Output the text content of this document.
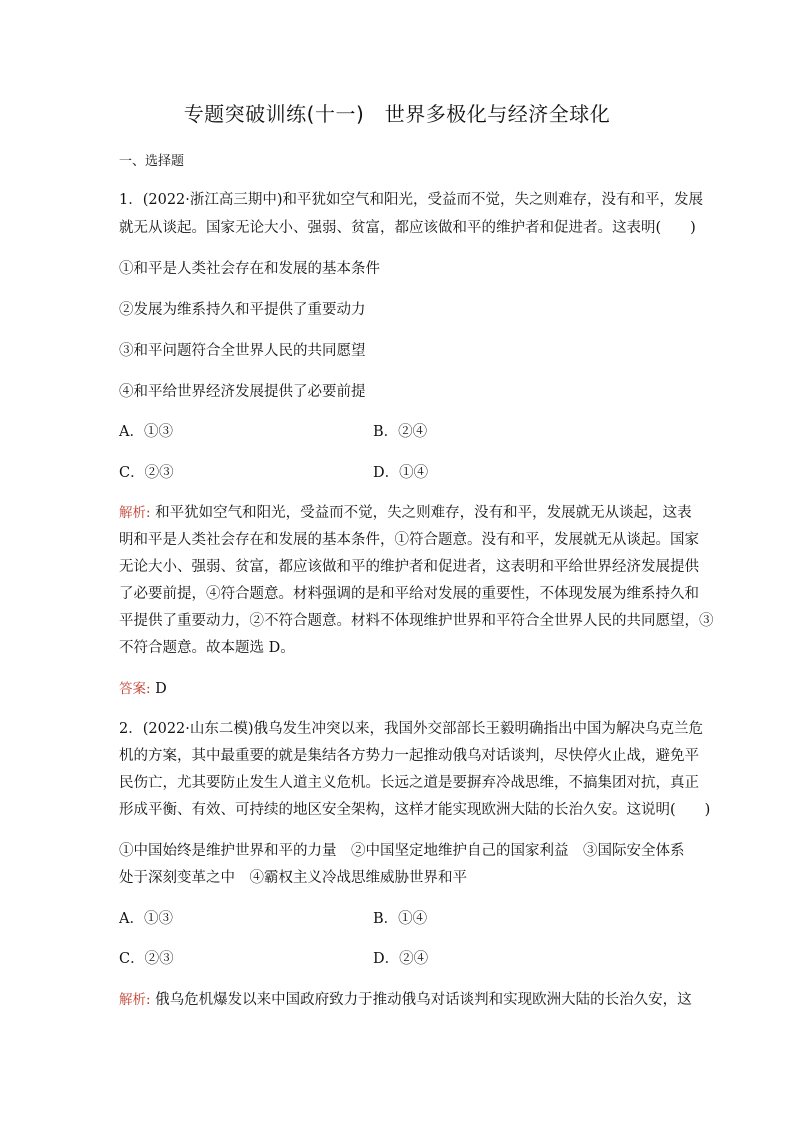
专题突破训练(十一)　世界多极化与经济全球化
一、选择题
1．(2022·浙江高三期中)和平犹如空气和阳光，受益而不觉，失之则难存，没有和平，发展
就无从谈起。国家无论大小、强弱、贫富，都应该做和平的维护者和促进者。这表明(　　)
①和平是人类社会存在和发展的基本条件
②发展为维系持久和平提供了重要动力
③和平问题符合全世界人民的共同愿望
④和平给世界经济发展提供了必要前提
A．①③	B．②④
C．②③	D．①④
解析: 和平犹如空气和阳光，受益而不觉，失之则难存，没有和平，发展就无从谈起，这表
明和平是人类社会存在和发展的基本条件，①符合题意。没有和平，发展就无从谈起。国家
无论大小、强弱、贫富，都应该做和平的维护者和促进者，这表明和平给世界经济发展提供
了必要前提，④符合题意。材料强调的是和平给对发展的重要性，不体现发展为维系持久和
平提供了重要动力，②不符合题意。材料不体现维护世界和平符合全世界人民的共同愿望，③
不符合题意。故本题选 D。
答案: D
2．(2022·山东二模)俄乌发生冲突以来，我国外交部部长王毅明确指出中国为解决乌克兰危
机的方案，其中最重要的就是集结各方势力一起推动俄乌对话谈判，尽快停火止战，避免平
民伤亡，尤其要防止发生人道主义危机。长远之道是要摒弃冷战思维，不搞集团对抗，真正
形成平衡、有效、可持续的地区安全架构，这样才能实现欧洲大陆的长治久安。这说明(　　)
①中国始终是维护世界和平的力量　②中国坚定地维护自己的国家利益　③国际安全体系
处于深刻变革之中　④霸权主义冷战思维威胁世界和平
A．①③	B．①④
C．②③	D．②④
解析: 俄乌危机爆发以来中国政府致力于推动俄乌对话谈判和实现欧洲大陆的长治久安，这
